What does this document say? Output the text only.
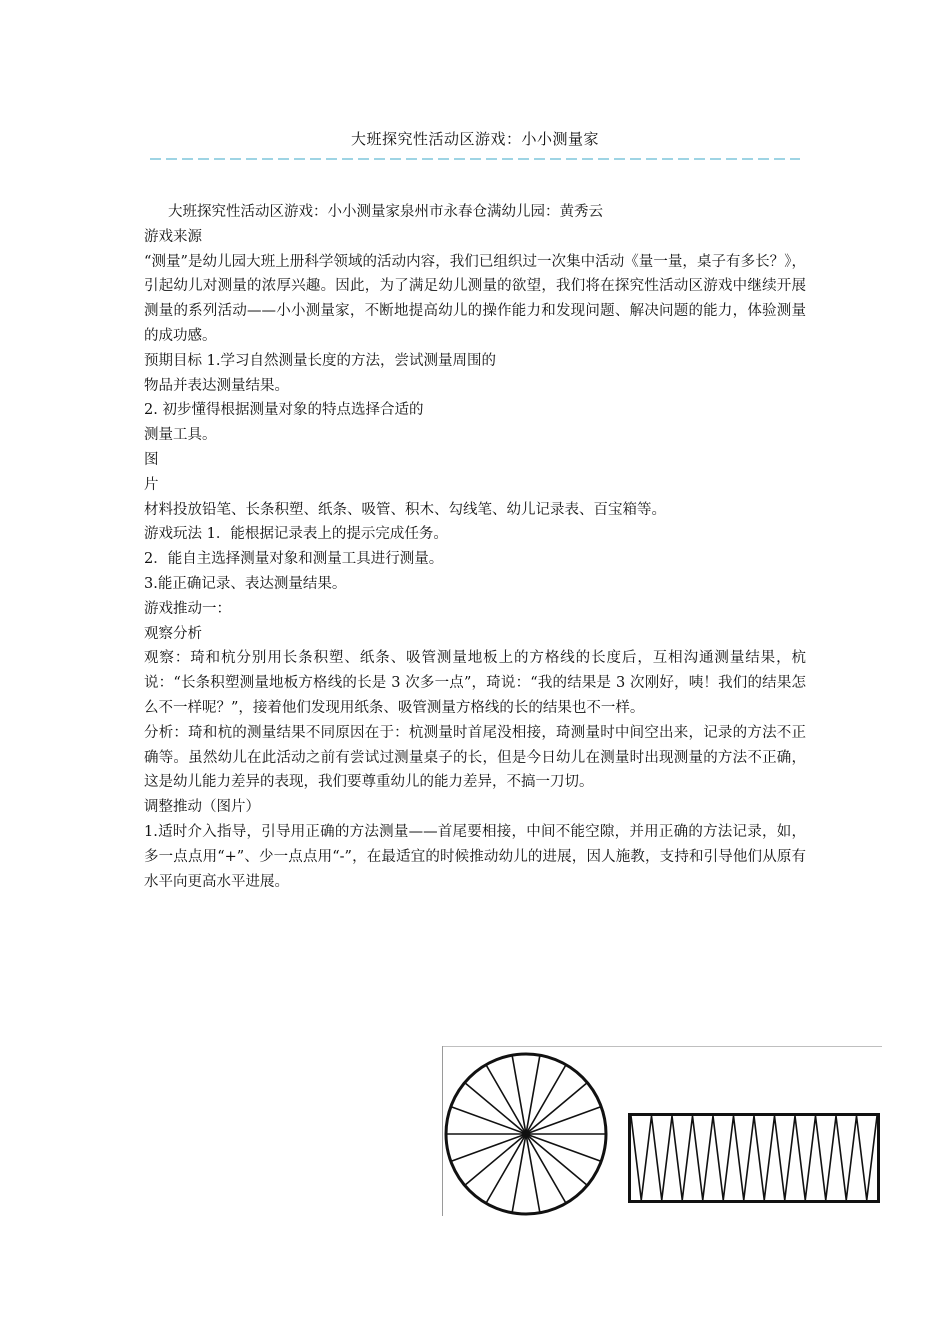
大班探究性活动区游戏：小小测量家

大班探究性活动区游戏：小小测量家泉州市永春仓满幼儿园：黄秀云

游戏来源

“测量”是幼儿园大班上册科学领域的活动内容，我们已组织过一次集中活动《量一量，桌子有多长？》，引起幼儿对测量的浓厚兴趣。因此，为了满足幼儿测量的欲望，我们将在探究性活动区游戏中继续开展测量的系列活动——小小测量家，不断地提高幼儿的操作能力和发现问题、解决问题的能力，体验测量的成功感。

预期目标 1.学习自然测量长度的方法，尝试测量周围的

物品并表达测量结果。

2. 初步懂得根据测量对象的特点选择合适的

测量工具。

图

片

材料投放铅笔、长条积塑、纸条、吸管、积木、勾线笔、幼儿记录表、百宝箱等。

游戏玩法 1．能根据记录表上的提示完成任务。

2．能自主选择测量对象和测量工具进行测量。

3.能正确记录、表达测量结果。

游戏推动一：

观察分析

观察：琦和杭分别用长条积塑、纸条、吸管测量地板上的方格线的长度后，互相沟通测量结果，杭说：“长条积塑测量地板方格线的长是 3 次多一点”，琦说：“我的结果是 3 次刚好，咦！我们的结果怎么不一样呢？”，接着他们发现用纸条、吸管测量方格线的长的结果也不一样。

分析：琦和杭的测量结果不同原因在于：杭测量时首尾没相接，琦测量时中间空出来，记录的方法不正确等。虽然幼儿在此活动之前有尝试过测量桌子的长，但是今日幼儿在测量时出现测量的方法不正确，这是幼儿能力差异的表现，我们要尊重幼儿的能力差异，不搞一刀切。

调整推动（图片）

1.适时介入指导，引导用正确的方法测量——首尾要相接，中间不能空隙，并用正确的方法记录，如，多一点点用“+”、少一点点用“-”，在最适宜的时候推动幼儿的进展，因人施教，支持和引导他们从原有水平向更高水平进展。
